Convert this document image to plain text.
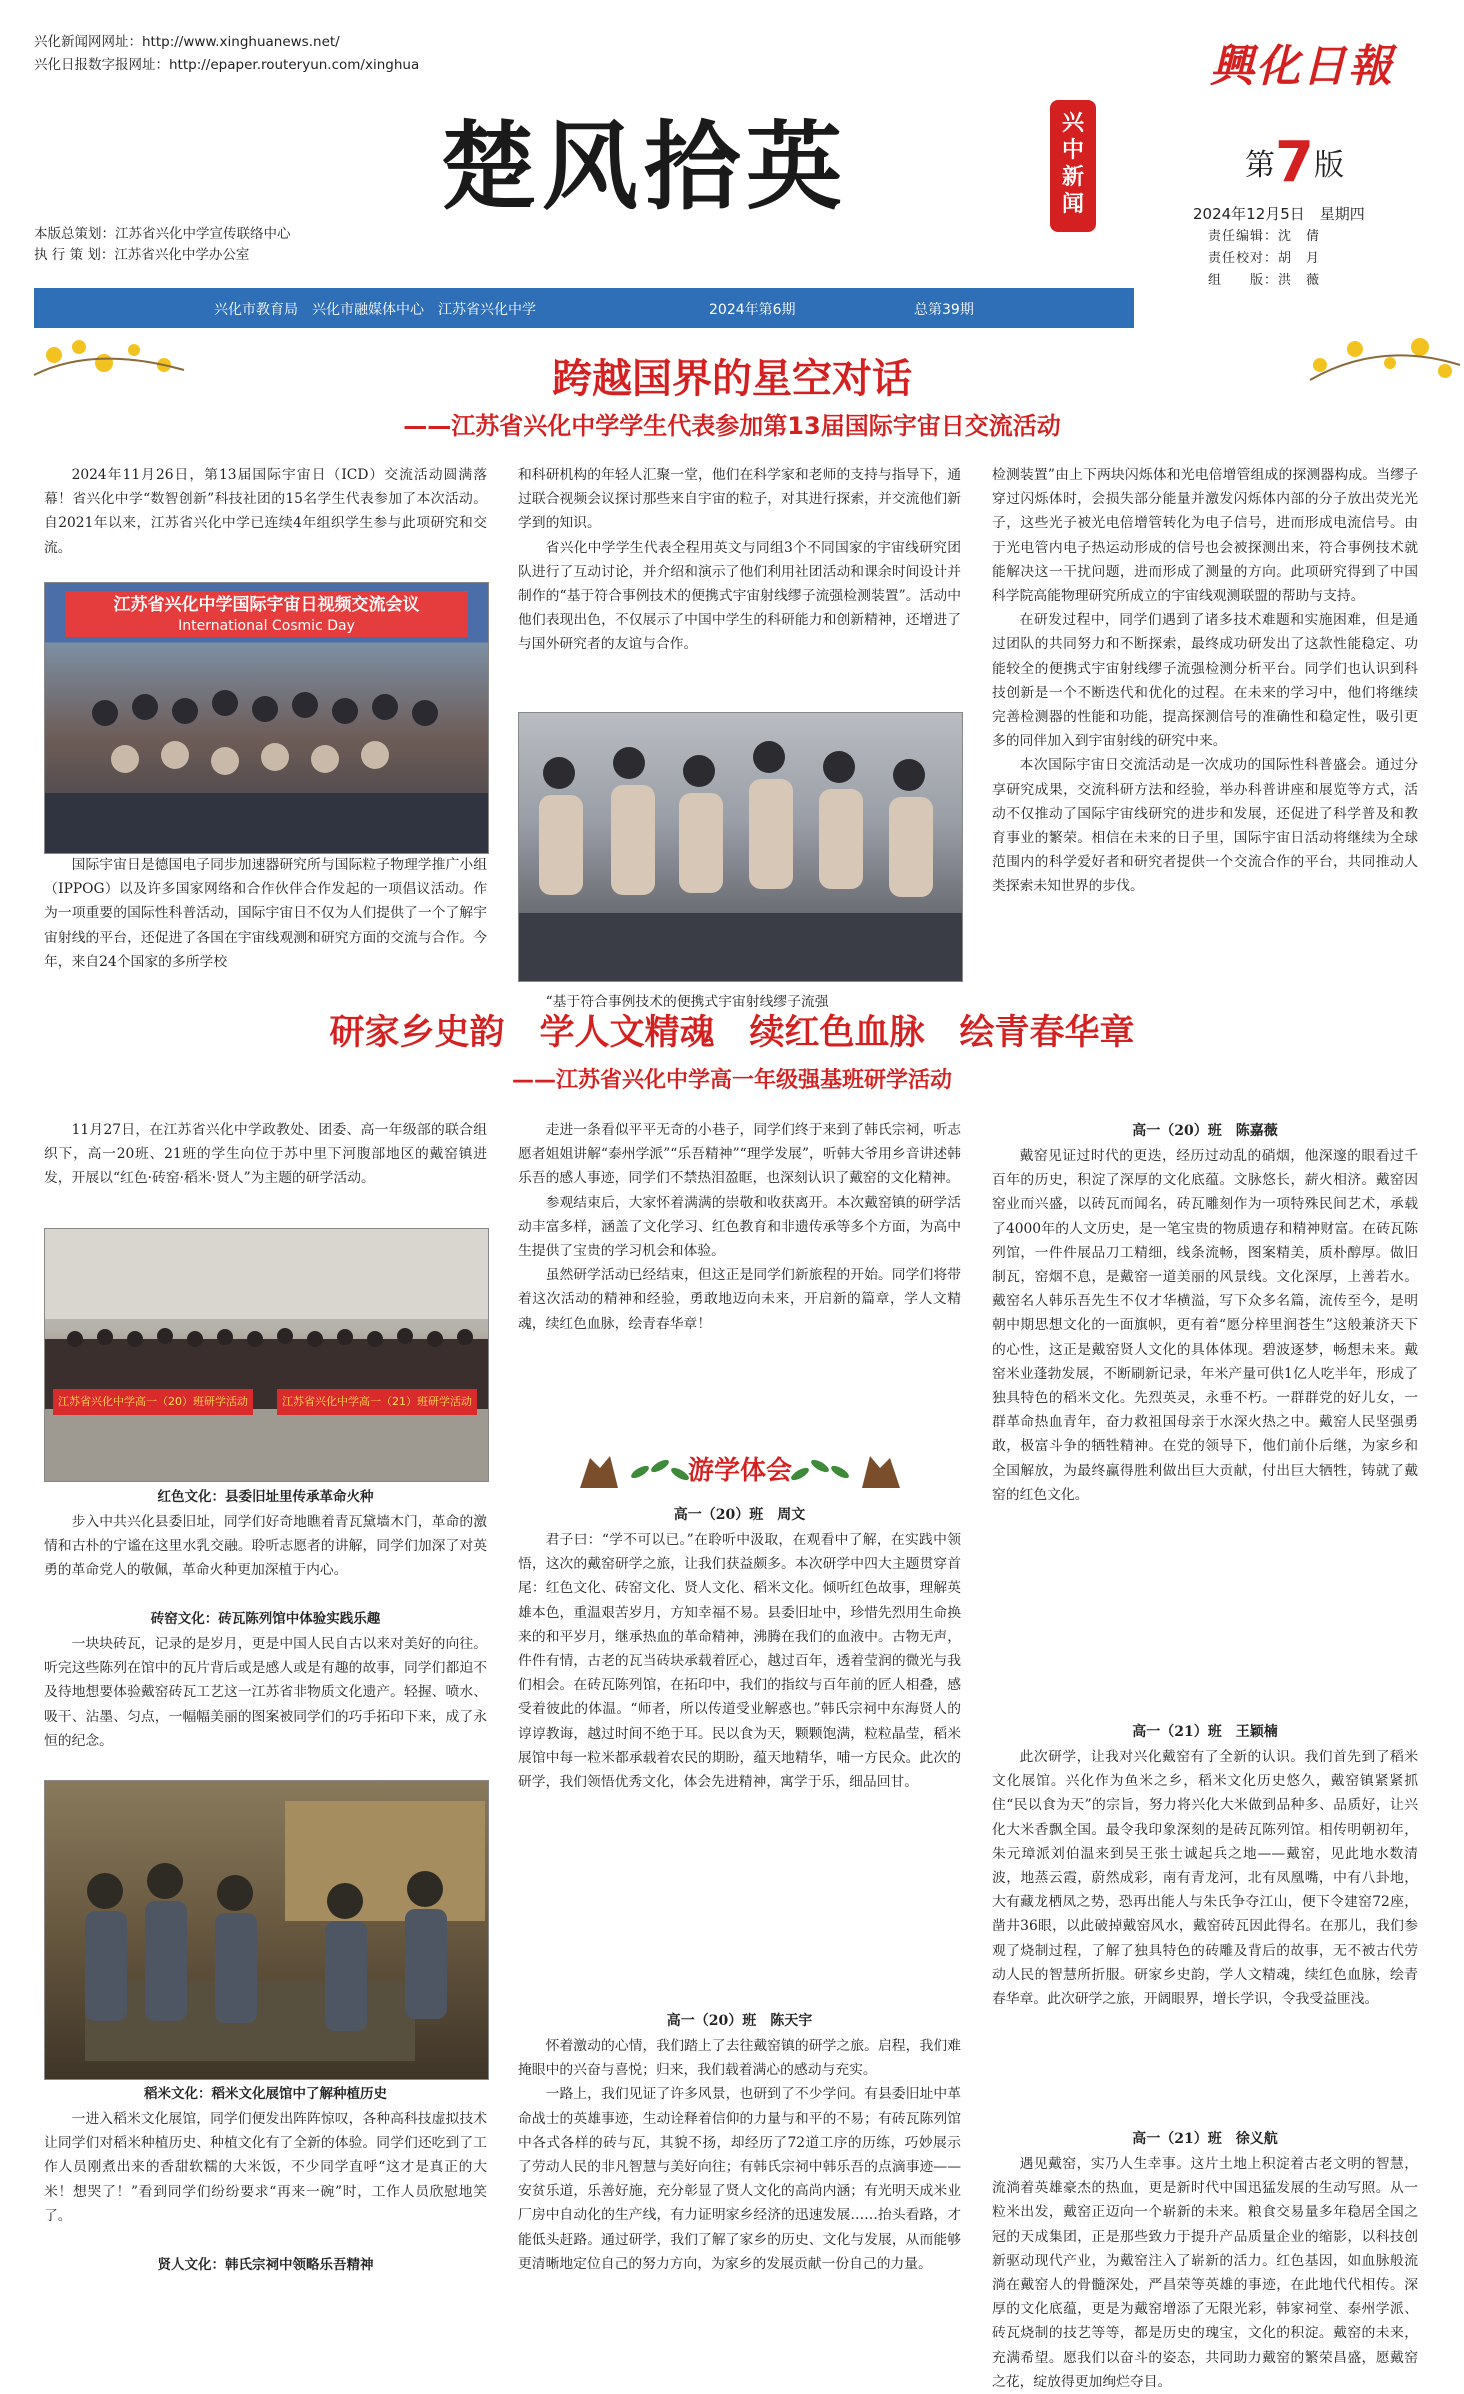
兴化新闻网网址：http://www.xinghuanews.net/
兴化日报数字报网址：http://epaper.routeryun.com/xinghua
楚风拾英	兴中新闻
興化日報
第7版
2024年12月5日　星期四
责任编辑：沈　倩
责任校对：胡　月
组　　版：洪　薇
本版总策划：江苏省兴化中学宣传联络中心
执 行 策 划：江苏省兴化中学办公室
兴化市教育局　兴化市融媒体中心　江苏省兴化中学	2024年第6期	总第39期
跨越国界的星空对话
——江苏省兴化中学学生代表参加第13届国际宇宙日交流活动

2024年11月26日，第13届国际宇宙日（ICD）交流活动圆满落幕！省兴化中学“数智创新”科技社团的15名学生代表参加了本次活动。自2021年以来，江苏省兴化中学已连续4年组织学生参与此项研究和交流。

江苏省兴化中学国际宇宙日视频交流会议
International Cosmic Day

国际宇宙日是德国电子同步加速器研究所与国际粒子物理学推广小组（IPPOG）以及许多国家网络和合作伙伴合作发起的一项倡议活动。作为一项重要的国际性科普活动，国际宇宙日不仅为人们提供了一个了解宇宙射线的平台，还促进了各国在宇宙线观测和研究方面的交流与合作。今年，来自24个国家的多所学校

和科研机构的年轻人汇聚一堂，他们在科学家和老师的支持与指导下，通过联合视频会议探讨那些来自宇宙的粒子，对其进行探索，并交流他们新学到的知识。

省兴化中学学生代表全程用英文与同组3个不同国家的宇宙线研究团队进行了互动讨论，并介绍和演示了他们利用社团活动和课余时间设计并制作的“基于符合事例技术的便携式宇宙射线缪子流强检测装置”。活动中他们表现出色，不仅展示了中国中学生的科研能力和创新精神，还增进了与国外研究者的友谊与合作。

“基于符合事例技术的便携式宇宙射线缪子流强

检测装置”由上下两块闪烁体和光电倍增管组成的探测器构成。当缪子穿过闪烁体时，会损失部分能量并激发闪烁体内部的分子放出荧光光子，这些光子被光电倍增管转化为电子信号，进而形成电流信号。由于光电管内电子热运动形成的信号也会被探测出来，符合事例技术就能解决这一干扰问题，进而形成了测量的方向。此项研究得到了中国科学院高能物理研究所成立的宇宙线观测联盟的帮助与支持。

在研发过程中，同学们遇到了诸多技术难题和实施困难，但是通过团队的共同努力和不断探索，最终成功研发出了这款性能稳定、功能较全的便携式宇宙射线缪子流强检测分析平台。同学们也认识到科技创新是一个不断迭代和优化的过程。在未来的学习中，他们将继续完善检测器的性能和功能，提高探测信号的准确性和稳定性，吸引更多的同伴加入到宇宙射线的研究中来。

本次国际宇宙日交流活动是一次成功的国际性科普盛会。通过分享研究成果，交流科研方法和经验，举办科普讲座和展览等方式，活动不仅推动了国际宇宙线研究的进步和发展，还促进了科学普及和教育事业的繁荣。相信在未来的日子里，国际宇宙日活动将继续为全球范围内的科学爱好者和研究者提供一个交流合作的平台，共同推动人类探索未知世界的步伐。

研家乡史韵　学人文精魂　续红色血脉　绘青春华章
——江苏省兴化中学高一年级强基班研学活动

11月27日，在江苏省兴化中学政教处、团委、高一年级部的联合组织下，高一20班、21班的学生向位于苏中里下河腹部地区的戴窑镇进发，开展以“红色·砖窑·稻米·贤人”为主题的研学活动。

江苏省兴化中学高一（20）班研学活动	江苏省兴化中学高一（21）班研学活动
红色文化：县委旧址里传承革命火种

步入中共兴化县委旧址，同学们好奇地瞧着青瓦黛墙木门，革命的激情和古朴的宁谧在这里水乳交融。聆听志愿者的讲解，同学们加深了对英勇的革命党人的敬佩，革命火种更加深植于内心。

砖窑文化：砖瓦陈列馆中体验实践乐趣

一块块砖瓦，记录的是岁月，更是中国人民自古以来对美好的向往。听完这些陈列在馆中的瓦片背后或是感人或是有趣的故事，同学们都迫不及待地想要体验戴窑砖瓦工艺这一江苏省非物质文化遗产。轻握、喷水、吸干、沾墨、匀点，一幅幅美丽的图案被同学们的巧手拓印下来，成了永恒的纪念。

稻米文化：稻米文化展馆中了解种植历史

一进入稻米文化展馆，同学们便发出阵阵惊叹，各种高科技虚拟技术让同学们对稻米种植历史、种植文化有了全新的体验。同学们还吃到了工作人员刚煮出来的香甜软糯的大米饭，不少同学直呼“这才是真正的大米！想哭了！”看到同学们纷纷要求“再来一碗”时，工作人员欣慰地笑了。

贤人文化：韩氏宗祠中领略乐吾精神

走进一条看似平平无奇的小巷子，同学们终于来到了韩氏宗祠，听志愿者姐姐讲解“泰州学派”“乐吾精神”“理学发展”，听韩大爷用乡音讲述韩乐吾的感人事迹，同学们不禁热泪盈眶，也深刻认识了戴窑的文化精神。

参观结束后，大家怀着满满的崇敬和收获离开。本次戴窑镇的研学活动丰富多样，涵盖了文化学习、红色教育和非遗传承等多个方面，为高中生提供了宝贵的学习机会和体验。

虽然研学活动已经结束，但这正是同学们新旅程的开始。同学们将带着这次活动的精神和经验，勇敢地迈向未来，开启新的篇章，学人文精魂，续红色血脉，绘青春华章！

游学体会
高一（20）班　周文

君子曰：“学不可以已。”在聆听中汲取，在观看中了解，在实践中领悟，这次的戴窑研学之旅，让我们获益颇多。本次研学中四大主题贯穿首尾：红色文化、砖窑文化、贤人文化、稻米文化。倾听红色故事，理解英雄本色，重温艰苦岁月，方知幸福不易。县委旧址中，珍惜先烈用生命换来的和平岁月，继承热血的革命精神，沸腾在我们的血液中。古物无声，件件有情，古老的瓦当砖块承载着匠心，越过百年，透着莹润的微光与我们相会。在砖瓦陈列馆，在拓印中，我们的指纹与百年前的匠人相叠，感受着彼此的体温。“师者，所以传道受业解惑也。”韩氏宗祠中东海贤人的谆谆教诲，越过时间不绝于耳。民以食为天，颗颗饱满，粒粒晶莹，稻米展馆中每一粒米都承载着农民的期盼，蕴天地精华，哺一方民众。此次的研学，我们领悟优秀文化，体会先进精神，寓学于乐，细品回甘。

高一（20）班　陈天宇

怀着激动的心情，我们踏上了去往戴窑镇的研学之旅。启程，我们难掩眼中的兴奋与喜悦；归来，我们载着满心的感动与充实。

一路上，我们见证了许多风景，也研到了不少学问。有县委旧址中革命战士的英雄事迹，生动诠释着信仰的力量与和平的不易；有砖瓦陈列馆中各式各样的砖与瓦，其貌不扬，却经历了72道工序的历练，巧妙展示了劳动人民的非凡智慧与美好向往；有韩氏宗祠中韩乐吾的点滴事迹——安贫乐道，乐善好施，充分彰显了贤人文化的高尚内涵；有光明天成米业厂房中自动化的生产线，有力证明家乡经济的迅速发展……抬头看路，才能低头赶路。通过研学，我们了解了家乡的历史、文化与发展，从而能够更清晰地定位自己的努力方向，为家乡的发展贡献一份自己的力量。

高一（20）班　陈嘉薇

戴窑见证过时代的更迭，经历过动乱的硝烟，他深邃的眼看过千百年的历史，积淀了深厚的文化底蕴。文脉悠长，薪火相济。戴窑因窑业而兴盛，以砖瓦而闻名，砖瓦雕刻作为一项特殊民间艺术，承载了4000年的人文历史，是一笔宝贵的物质遗存和精神财富。在砖瓦陈列馆，一件件展品刀工精细，线条流畅，图案精美，质朴醇厚。做旧制瓦，窑烟不息，是戴窑一道美丽的风景线。文化深厚，上善若水。戴窑名人韩乐吾先生不仅才华横溢，写下众多名篇，流传至今，是明朝中期思想文化的一面旗帜，更有着“愿分梓里润苍生”这般兼济天下的心性，这正是戴窑贤人文化的具体体现。碧波逐梦，畅想未来。戴窑米业蓬勃发展，不断刷新记录，年米产量可供1亿人吃半年，形成了独具特色的稻米文化。先烈英灵，永垂不朽。一群群党的好儿女，一群革命热血青年，奋力救祖国母亲于水深火热之中。戴窑人民坚强勇敢，极富斗争的牺牲精神。在党的领导下，他们前仆后继，为家乡和全国解放，为最终赢得胜利做出巨大贡献，付出巨大牺牲，铸就了戴窑的红色文化。

高一（21）班　王颖楠

此次研学，让我对兴化戴窑有了全新的认识。我们首先到了稻米文化展馆。兴化作为鱼米之乡，稻米文化历史悠久，戴窑镇紧紧抓住“民以食为天”的宗旨，努力将兴化大米做到品种多、品质好，让兴化大米香飘全国。最令我印象深刻的是砖瓦陈列馆。相传明朝初年，朱元璋派刘伯温来到吴王张士诚起兵之地——戴窑，见此地水数清波，地蒸云霞，蔚然成彩，南有青龙河，北有凤凰嘴，中有八卦地，大有藏龙栖凤之势，恐再出能人与朱氏争夺江山，便下令建窑72座，凿井36眼，以此破掉戴窑风水，戴窑砖瓦因此得名。在那儿，我们参观了烧制过程，了解了独具特色的砖雕及背后的故事，无不被古代劳动人民的智慧所折服。研家乡史韵，学人文精魂，续红色血脉，绘青春华章。此次研学之旅，开阔眼界，增长学识，令我受益匪浅。

高一（21）班　徐义航

遇见戴窑，实乃人生幸事。这片土地上积淀着古老文明的智慧，流淌着英雄豪杰的热血，更是新时代中国迅猛发展的生动写照。从一粒米出发，戴窑正迈向一个崭新的未来。粮食交易量多年稳居全国之冠的天成集团，正是那些致力于提升产品质量企业的缩影，以科技创新驱动现代产业，为戴窑注入了崭新的活力。红色基因，如血脉般流淌在戴窑人的骨髓深处，严昌荣等英雄的事迹，在此地代代相传。深厚的文化底蕴，更是为戴窑增添了无限光彩，韩家祠堂、泰州学派、砖瓦烧制的技艺等等，都是历史的瑰宝，文化的积淀。戴窑的未来，充满希望。愿我们以奋斗的姿态，共同助力戴窑的繁荣昌盛，愿戴窑之花，绽放得更加绚烂夺目。
